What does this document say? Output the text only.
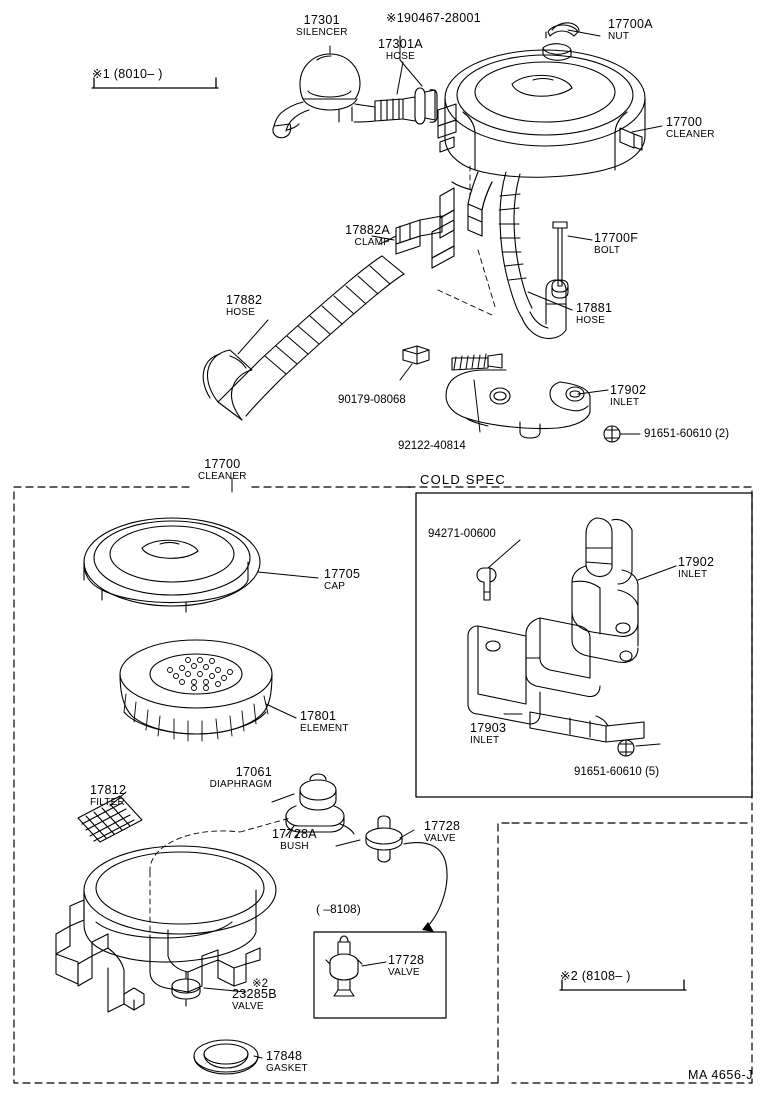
※1 (8010– )
※2 (8108– )
COLD SPEC
MA 4656-J
17301
SILENCER
17301A
HOSE
※190467-28001	17700A
NUT
17700
CLEANER
17882A
CLAMP	17700F
BOLT
17882
HOSE	17881
HOSE
90179-08068
92122-40814
17902
INLET
91651-60610 (2)
17700
CLEANER
17705
CAP
17801
ELEMENT
17812
FILTER
17061
DIAPHRAGM
17728A
BUSH
17728
VALVE
( –8108)
17728
VALVE
※2
23285B
VALVE
17848
GASKET
94271-00600
17902
INLET
17903
INLET
91651-60610 (5)
